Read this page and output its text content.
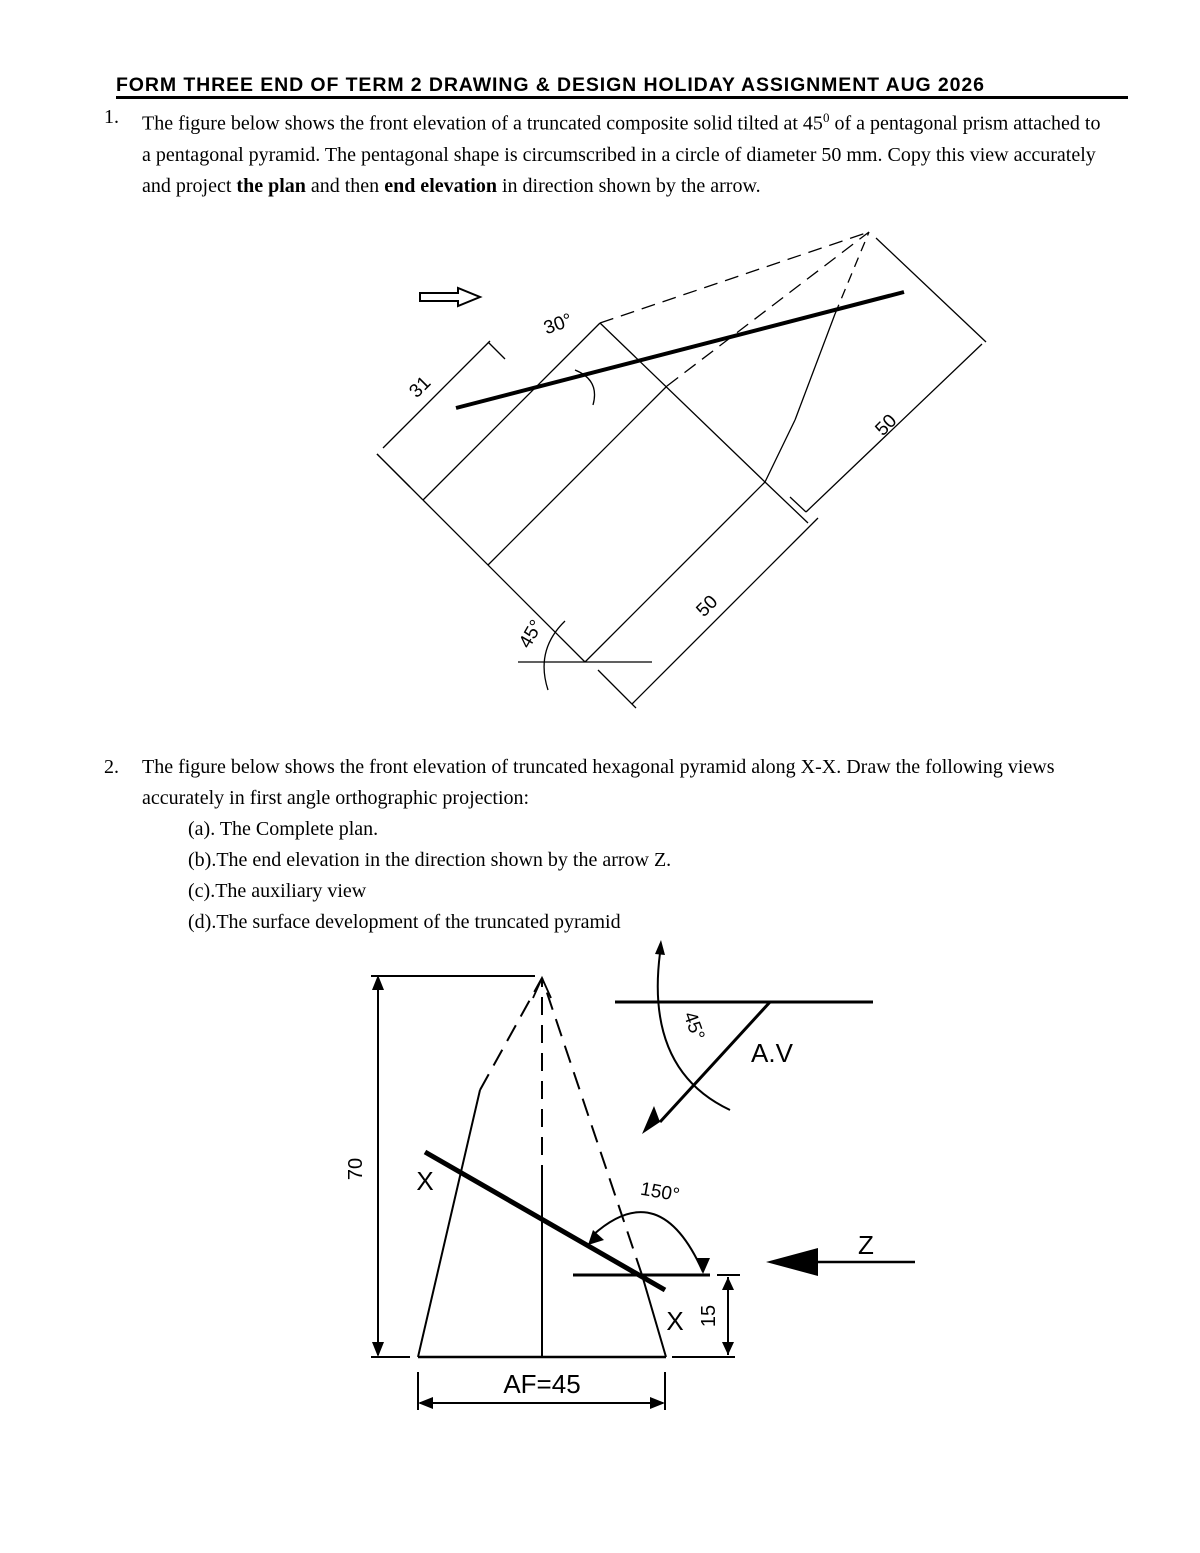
FORM THREE END OF TERM 2 DRAWING & DESIGN HOLIDAY ASSIGNMENT AUG 2026
1. The figure below shows the front elevation of a truncated composite solid tilted at $45^0$ of a pentagonal prism attached to a pentagonal pyramid. The pentagonal shape is circumscribed in a circle of diameter 50 mm. Copy this view accurately and project the plan and then end elevation in direction shown by the arrow.
31
50
50
30°
45°
2. The figure below shows the front elevation of truncated hexagonal pyramid along X-X. Draw the following views accurately in first angle orthographic projection:
(a). The Complete plan.
(b).The end elevation in the direction shown by the arrow Z.
(c).The auxiliary view
(d).The surface development of the truncated pyramid
X
X
Z
A.V
AF=45
70
15
45°
150°
